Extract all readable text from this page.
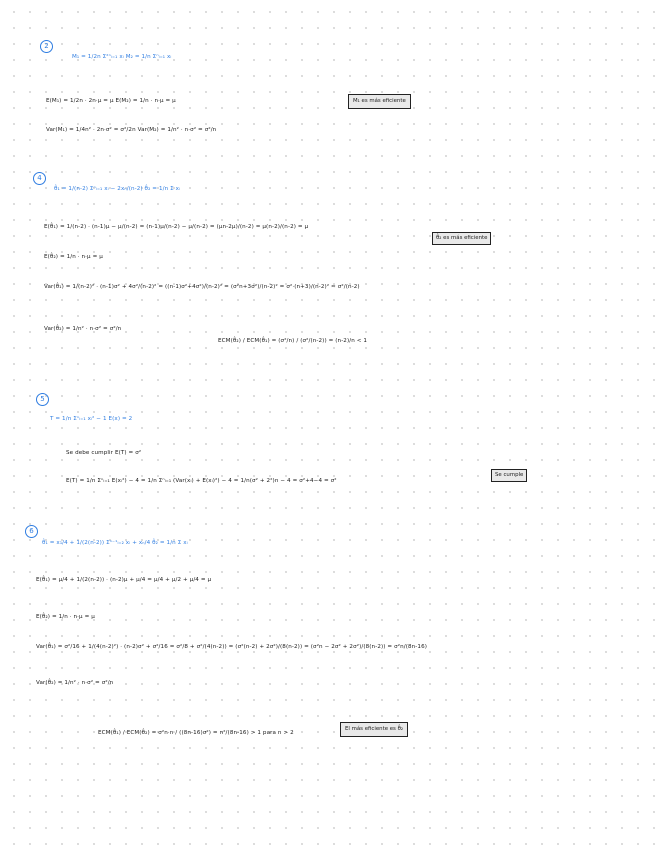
2
M₁ = 1/2n Σ²ⁿᵢ₌₁ xᵢ M₂ = 1/n Σⁿᵢ₌₁ xᵢ
E(M₁) = 1/2n · 2n·μ = μ E(M₂) = 1/n · n·μ = μ	M₁ es más eficiente
Var(M₁) = 1/4n² · 2n·σ² = σ²/2n Var(M₂) = 1/n² · n·σ² = σ²/n
4
θ̂₁ = 1/(n-2) Σⁿᵢ₌₁ xᵢ − 2xₙ/(n-2) θ̂₂ = 1/n Σ xᵢ
E(θ̂₁) = 1/(n-2) · (n-1)μ − μ/(n-2) = (n-1)μ/(n-2) − μ/(n-2) = (μn-2μ)/(n-2) = μ(n-2)/(n-2) = μ
θ̂₂ es más eficiente
E(θ̂₂) = 1/n · n·μ = μ
Var(θ̂₁) = 1/(n-2)² · (n-1)σ² + 4σ²/(n-2)² = ((n-1)σ²+4σ²)/(n-2)² = (σ²n+3σ²)/(n-2)² = σ²·(n+3)/(n-2)² ≈ σ²/(n-2)
Var(θ̂₂) = 1/n² · n·σ² = σ²/n
ECM(θ̂₂) / ECM(θ̂₁) = (σ²/n) / (σ²/(n-2)) = (n-2)/n < 1
5
T = 1/n Σⁿᵢ₌₁ xᵢ² − 1 E(x) = 2
Se debe cumplir E(T) = σ²
E(T) = 1/n Σⁿᵢ₌₁ E(xᵢ²) − 4 = 1/n Σⁿᵢ₌₁ (Var(xᵢ) + E(xᵢ)²) − 4 = 1/n(σ² + 2²)n − 4 = σ²+4−4 = σ²
Se cumple
6
θ̂₁ = x₁/4 + 1/(2(n-2)) Σⁿ⁻¹ᵢ₌₂ xᵢ + xₙ/4 θ̂₂ = 1/n Σ xᵢ
E(θ̂₁) = μ/4 + 1/(2(n-2)) · (n-2)μ + μ/4 = μ/4 + μ/2 + μ/4 = μ
E(θ̂₂) = 1/n · n·μ = μ
Var(θ̂₁) = σ²/16 + 1/(4(n-2)²) · (n-2)σ² + σ²/16 = σ²/8 + σ²/(4(n-2)) = (σ²(n-2) + 2σ²)/(8(n-2)) = (σ²n − 2σ² + 2σ²)/(8(n-2)) = σ²n/(8n-16)
Var(θ̂₂) = 1/n² · n·σ² = σ²/n
ECM(θ̂₁) / ECM(θ̂₂) = σ²n·n / ((8n-16)σ²) = n²/(8n-16) > 1 para n > 2
El más eficiente es θ̂₂
